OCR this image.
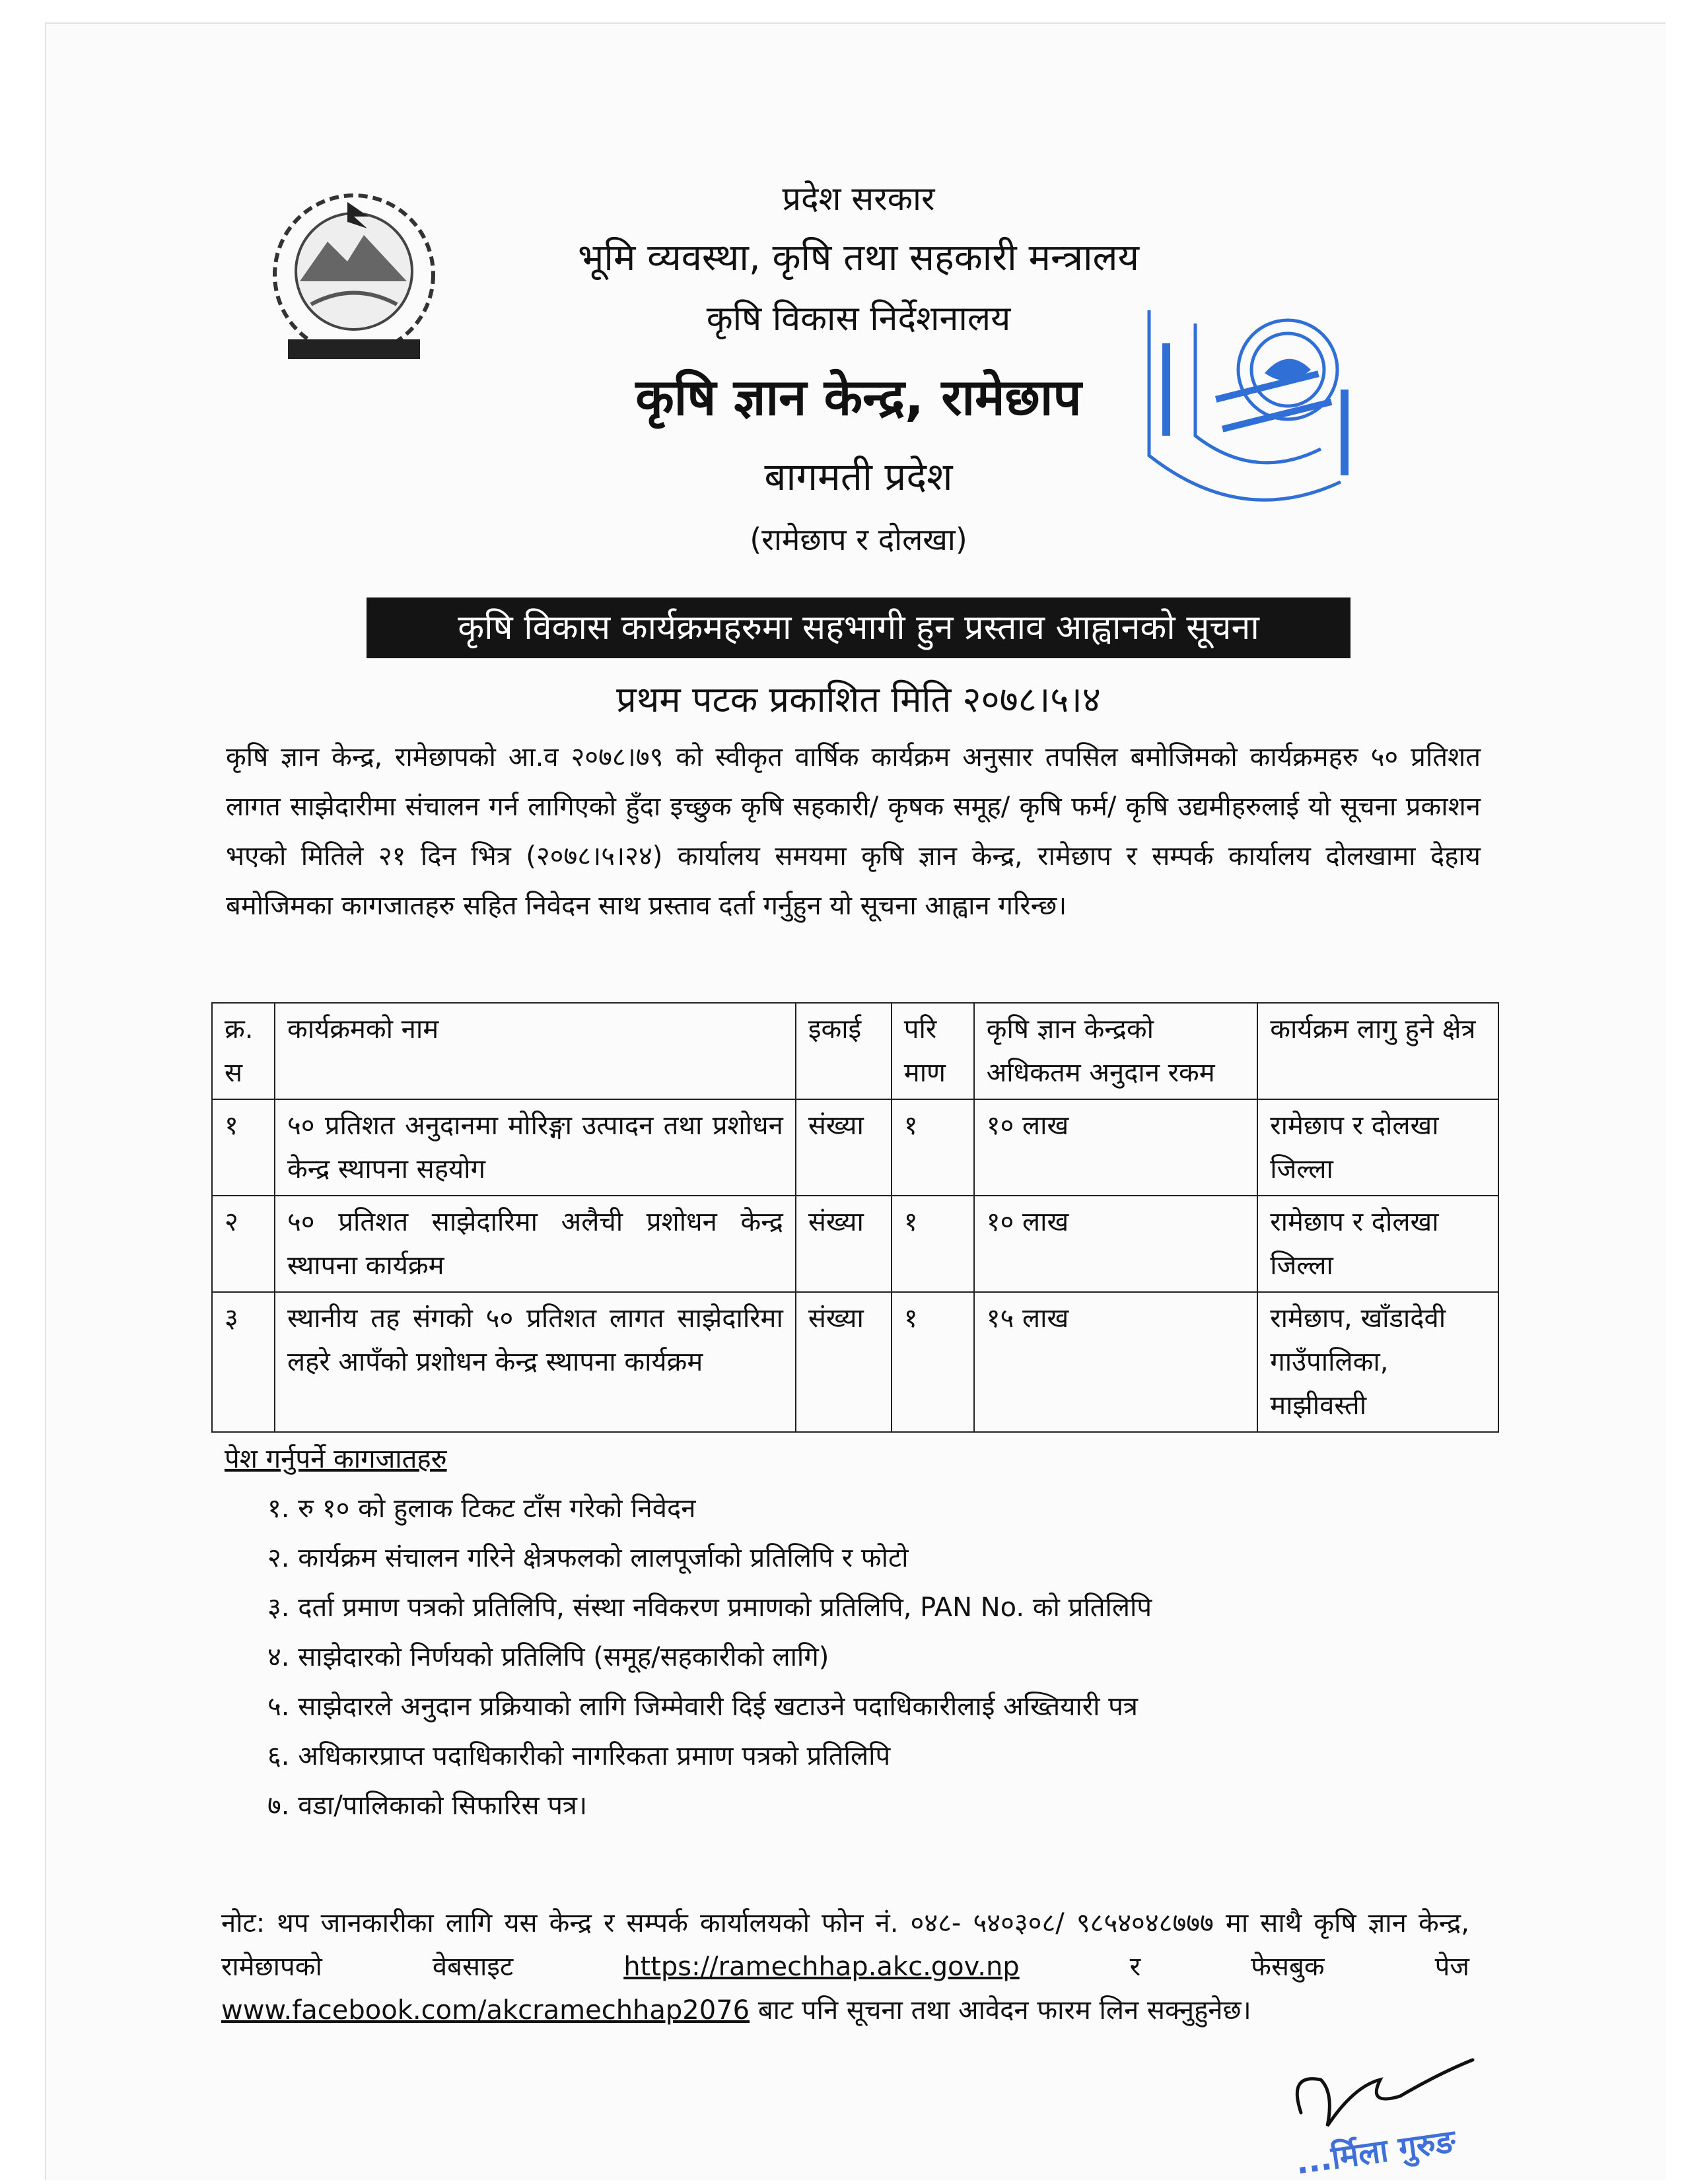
प्रदेश सरकार
भूमि व्यवस्था, कृषि तथा सहकारी मन्त्रालय
कृषि विकास निर्देशनालय
कृषि ज्ञान केन्द्र, रामेछाप
बागमती प्रदेश
(रामेछाप र दोलखा)
कृषि विकास कार्यक्रमहरुमा सहभागी हुन प्रस्ताव आह्वानको सूचना
प्रथम पटक प्रकाशित मिति २०७८।५।४
कृषि ज्ञान केन्द्र, रामेछापको आ.व २०७८।७९ को स्वीकृत वार्षिक कार्यक्रम अनुसार तपसिल बमोजिमको कार्यक्रमहरु ५० प्रतिशत लागत साझेदारीमा संचालन गर्न लागिएको हुँदा इच्छुक कृषि सहकारी/ कृषक समूह/ कृषि फर्म/ कृषि उद्यमीहरुलाई यो सूचना प्रकाशन भएको मितिले २१ दिन भित्र (२०७८।५।२४) कार्यालय समयमा कृषि ज्ञान केन्द्र, रामेछाप र सम्पर्क कार्यालय दोलखामा देहाय बमोजिमका कागजातहरु सहित निवेदन साथ प्रस्ताव दर्ता गर्नुहुन यो सूचना आह्वान गरिन्छ।
क्र. स	कार्यक्रमको नाम	इकाई	परि माण	कृषि ज्ञान केन्द्रको अधिकतम अनुदान रकम	कार्यक्रम लागु हुने क्षेत्र
१	५० प्रतिशत अनुदानमा मोरिङ्गा उत्पादन तथा प्रशोधन केन्द्र स्थापना सहयोग	संख्या	१	१० लाख	रामेछाप र दोलखा जिल्ला
२	५० प्रतिशत साझेदारिमा अलैची प्रशोधन केन्द्र स्थापना कार्यक्रम	संख्या	१	१० लाख	रामेछाप र दोलखा जिल्ला
३	स्थानीय तह संगको ५० प्रतिशत लागत साझेदारिमा लहरे आपँको प्रशोधन केन्द्र स्थापना कार्यक्रम	संख्या	१	१५ लाख	रामेछाप, खाँडादेवी गाउँपालिका, माझीवस्ती
पेश गर्नुपर्ने कागजातहरु
१. रु १० को हुलाक टिकट टाँस गरेको निवेदन
२. कार्यक्रम संचालन गरिने क्षेत्रफलको लालपूर्जाको प्रतिलिपि र फोटो
३. दर्ता प्रमाण पत्रको प्रतिलिपि, संस्था नविकरण प्रमाणको प्रतिलिपि, PAN No. को प्रतिलिपि
४. साझेदारको निर्णयको प्रतिलिपि (समूह/सहकारीको लागि)
५. साझेदारले अनुदान प्रक्रियाको लागि जिम्मेवारी दिई खटाउने पदाधिकारीलाई अख्तियारी पत्र
६. अधिकारप्राप्त पदाधिकारीको नागरिकता प्रमाण पत्रको प्रतिलिपि
७. वडा/पालिकाको सिफारिस पत्र।
नोट: थप जानकारीका लागि यस केन्द्र र सम्पर्क कार्यालयको फोन नं. ०४८- ५४०३०८/ ९८५४०४८७७७ मा साथै कृषि ज्ञान केन्द्र, रामेछापको वेबसाइट	https://ramechhap.akc.gov.np	र फेसबुक पेज www.facebook.com/akcramechhap2076 बाट पनि सूचना तथा आवेदन फारम लिन सक्नुहुनेछ।
...र्मिला गुरुङ
